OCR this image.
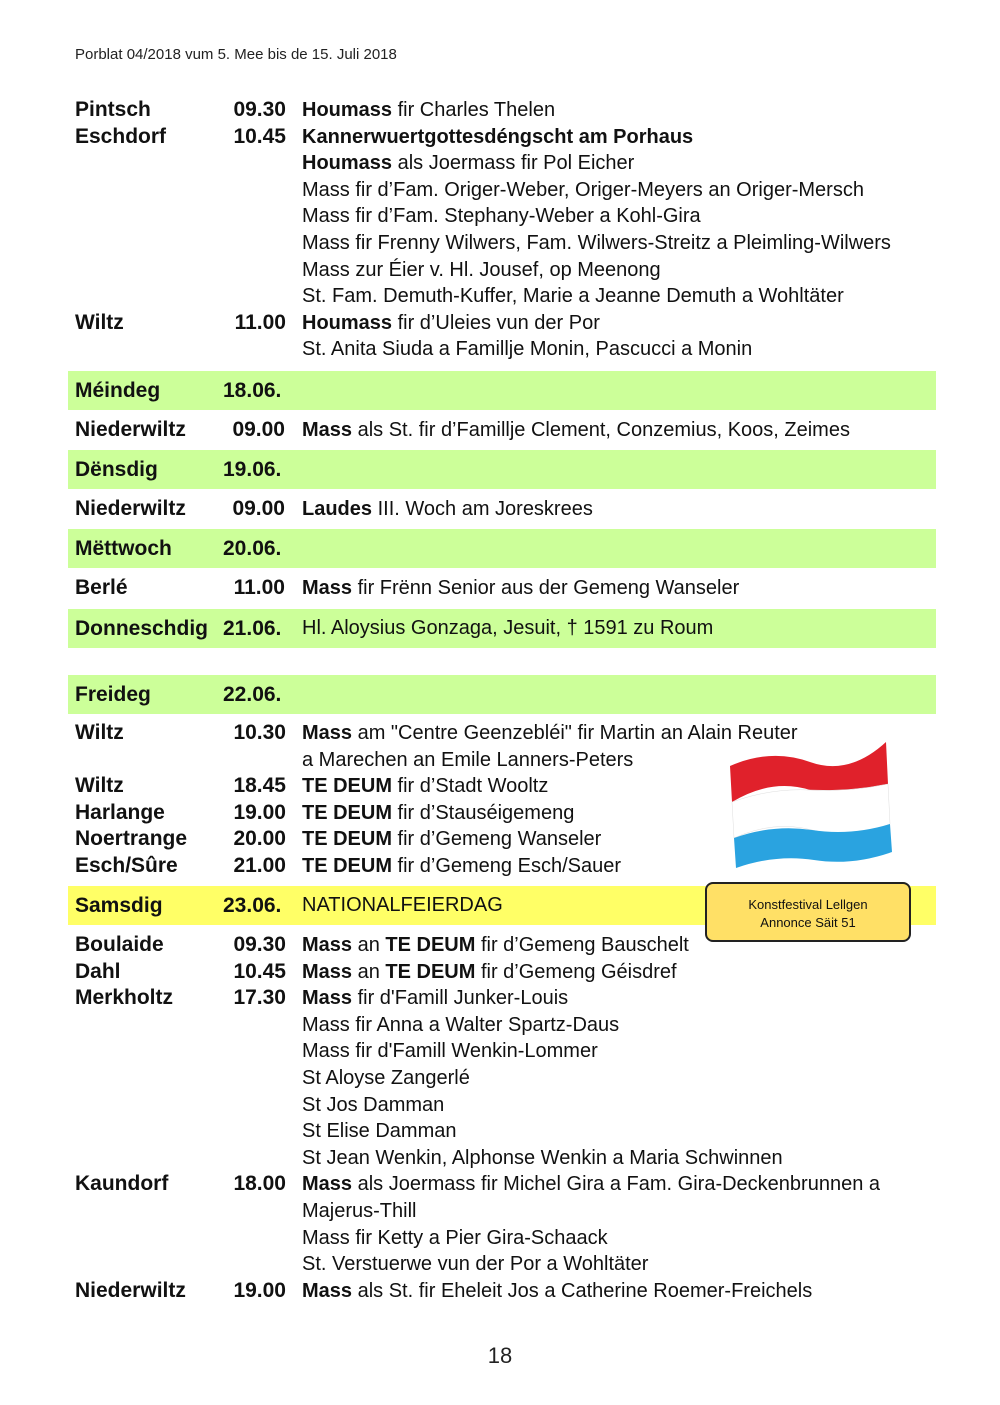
Porblat 04/2018 vum 5. Mee bis de 15. Juli 2018
Pintsch	09.30 Houmass fir Charles Thelen
Eschdorf	10.45 Kannerwuertgottesdéngscht am Porhaus
Houmass als Joermass fir Pol Eicher
Mass fir d’Fam. Origer-Weber, Origer-Meyers an Origer-Mersch
Mass fir d’Fam. Stephany-Weber a Kohl-Gira
Mass fir Frenny Wilwers, Fam. Wilwers-Streitz a Pleimling-Wilwers
Mass zur Éier v. Hl. Jousef, op Meenong
St. Fam. Demuth-Kuffer, Marie a Jeanne Demuth a Wohltäter
Wiltz	11.00 Houmass fir d’Uleies vun der Por
St. Anita Siuda a Famillje Monin, Pascucci a Monin
Méindeg	18.06.
Niederwiltz	09.00 Mass als St. fir d’Famillje Clement, Conzemius, Koos, Zeimes
Dënsdig	19.06.
Niederwiltz	09.00 Laudes III. Woch am Joreskrees
Mëttwoch 20.06.
Berlé	11.00 Mass fir Frënn Senior aus der Gemeng Wanseler
Donneschdig 21.06. Hl. Aloysius Gonzaga, Jesuit, † 1591 zu Roum
Freideg	22.06.
Wiltz	10.30 Mass am "Centre Geenzebléi" fir Martin an Alain Reuter
a Marechen an Emile Lanners-Peters
Wiltz	18.45 TE DEUM fir d’Stadt Wooltz
Harlange	19.00 TE DEUM fir d’Stauséigemeng
Noertrange	20.00 TE DEUM fir d’Gemeng Wanseler
Esch/Sûre	21.00 TE DEUM fir d’Gemeng Esch/Sauer
Samsdig	23.06. NATIONALFEIERDAG	Konstfestival Lellgen
Annonce Säit 51
Boulaide	09.30 Mass an TE DEUM fir d’Gemeng Bauschelt
Dahl	10.45 Mass an TE DEUM fir d’Gemeng Géisdref
Merkholtz	17.30 Mass fir d'Famill Junker-Louis
Mass fir Anna a Walter Spartz-Daus
Mass fir d'Famill Wenkin-Lommer
St Aloyse Zangerlé
St Jos Damman
St Elise Damman
St Jean Wenkin, Alphonse Wenkin a Maria Schwinnen
Kaundorf	18.00 Mass als Joermass fir Michel Gira a Fam. Gira-Deckenbrunnen a
Majerus-Thill
Mass fir Ketty a Pier Gira-Schaack
St. Verstuerwe vun der Por a Wohltäter
Niederwiltz	19.00 Mass als St. fir Eheleit Jos a Catherine Roemer-Freichels
18
